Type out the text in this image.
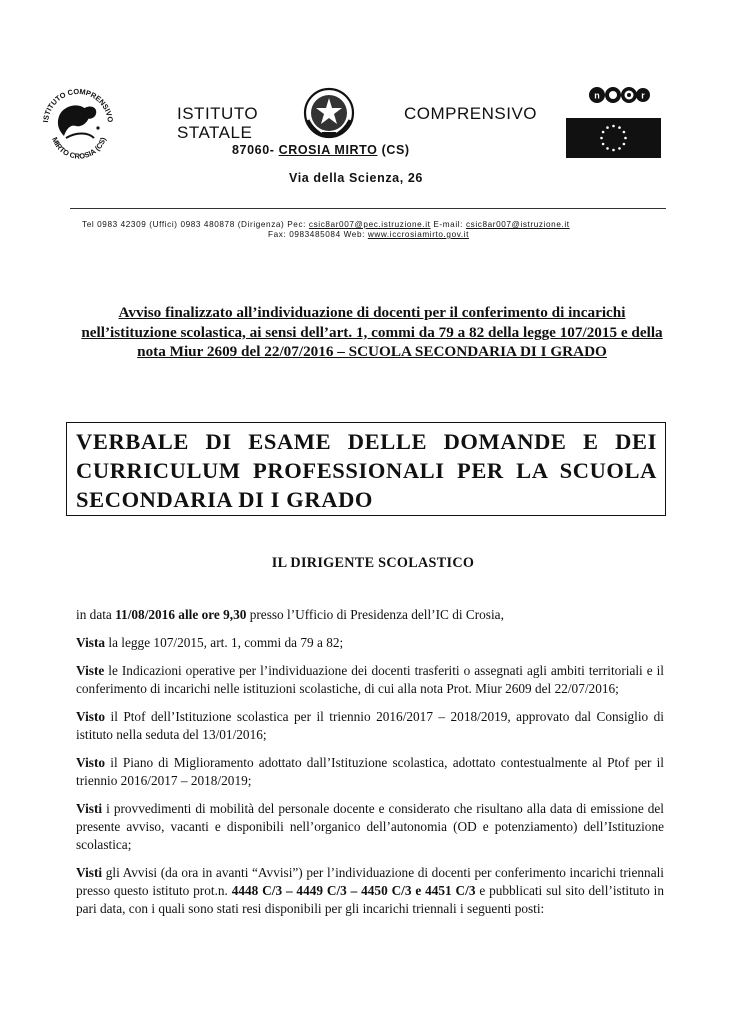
ISTITUTO COMPRENSIVO
MIRTO CROSIA (CS)
ISTITUTO
STATALE
COMPRENSIVO
87060- CROSIA MIRTO (CS)
Via della Scienza, 26
n	r
Tel 0983 42309 (Uffici) 0983 480878 (Dirigenza) Pec: csic8ar007@pec.istruzione.it E-mail: csic8ar007@istruzione.it
Fax: 0983485084 Web: www.iccrosiamirto.gov.it
Avviso finalizzato all’individuazione di docenti per il conferimento di incarichi nell’istituzione scolastica, ai sensi dell’art. 1, commi da 79 a 82 della legge 107/2015 e della nota Miur 2609 del 22/07/2016 – SCUOLA SECONDARIA DI I GRADO
VERBALE DI ESAME DELLE DOMANDE E DEI CURRICULUM PROFESSIONALI PER LA SCUOLA SECONDARIA DI I GRADO
IL DIRIGENTE SCOLASTICO

in data 11/08/2016 alle ore 9,30 presso l’Ufficio di Presidenza dell’IC di Crosia,

Vista la legge 107/2015, art. 1, commi da 79 a 82;

Viste le Indicazioni operative per l’individuazione dei docenti trasferiti o assegnati agli ambiti territoriali e il conferimento di incarichi nelle istituzioni scolastiche, di cui alla nota Prot. Miur 2609 del 22/07/2016;

Visto il Ptof dell’Istituzione scolastica per il triennio 2016/2017 – 2018/2019, approvato dal Consiglio di istituto nella seduta del 13/01/2016;

Visto il Piano di Miglioramento adottato dall’Istituzione scolastica, adottato contestualmente al Ptof per il triennio 2016/2017 – 2018/2019;

Visti i provvedimenti di mobilità del personale docente e considerato che risultano alla data di emissione del presente avviso, vacanti e disponibili nell’organico dell’autonomia (OD e potenziamento) dell’Istituzione scolastica;

Visti gli Avvisi (da ora in avanti “Avvisi”) per l’individuazione di docenti per conferimento incarichi triennali presso questo istituto prot.n. 4448 C/3 – 4449 C/3 – 4450 C/3 e 4451 C/3 e pubblicati sul sito dell’istituto in pari data, con i quali sono stati resi disponibili per gli incarichi triennali i seguenti posti:
